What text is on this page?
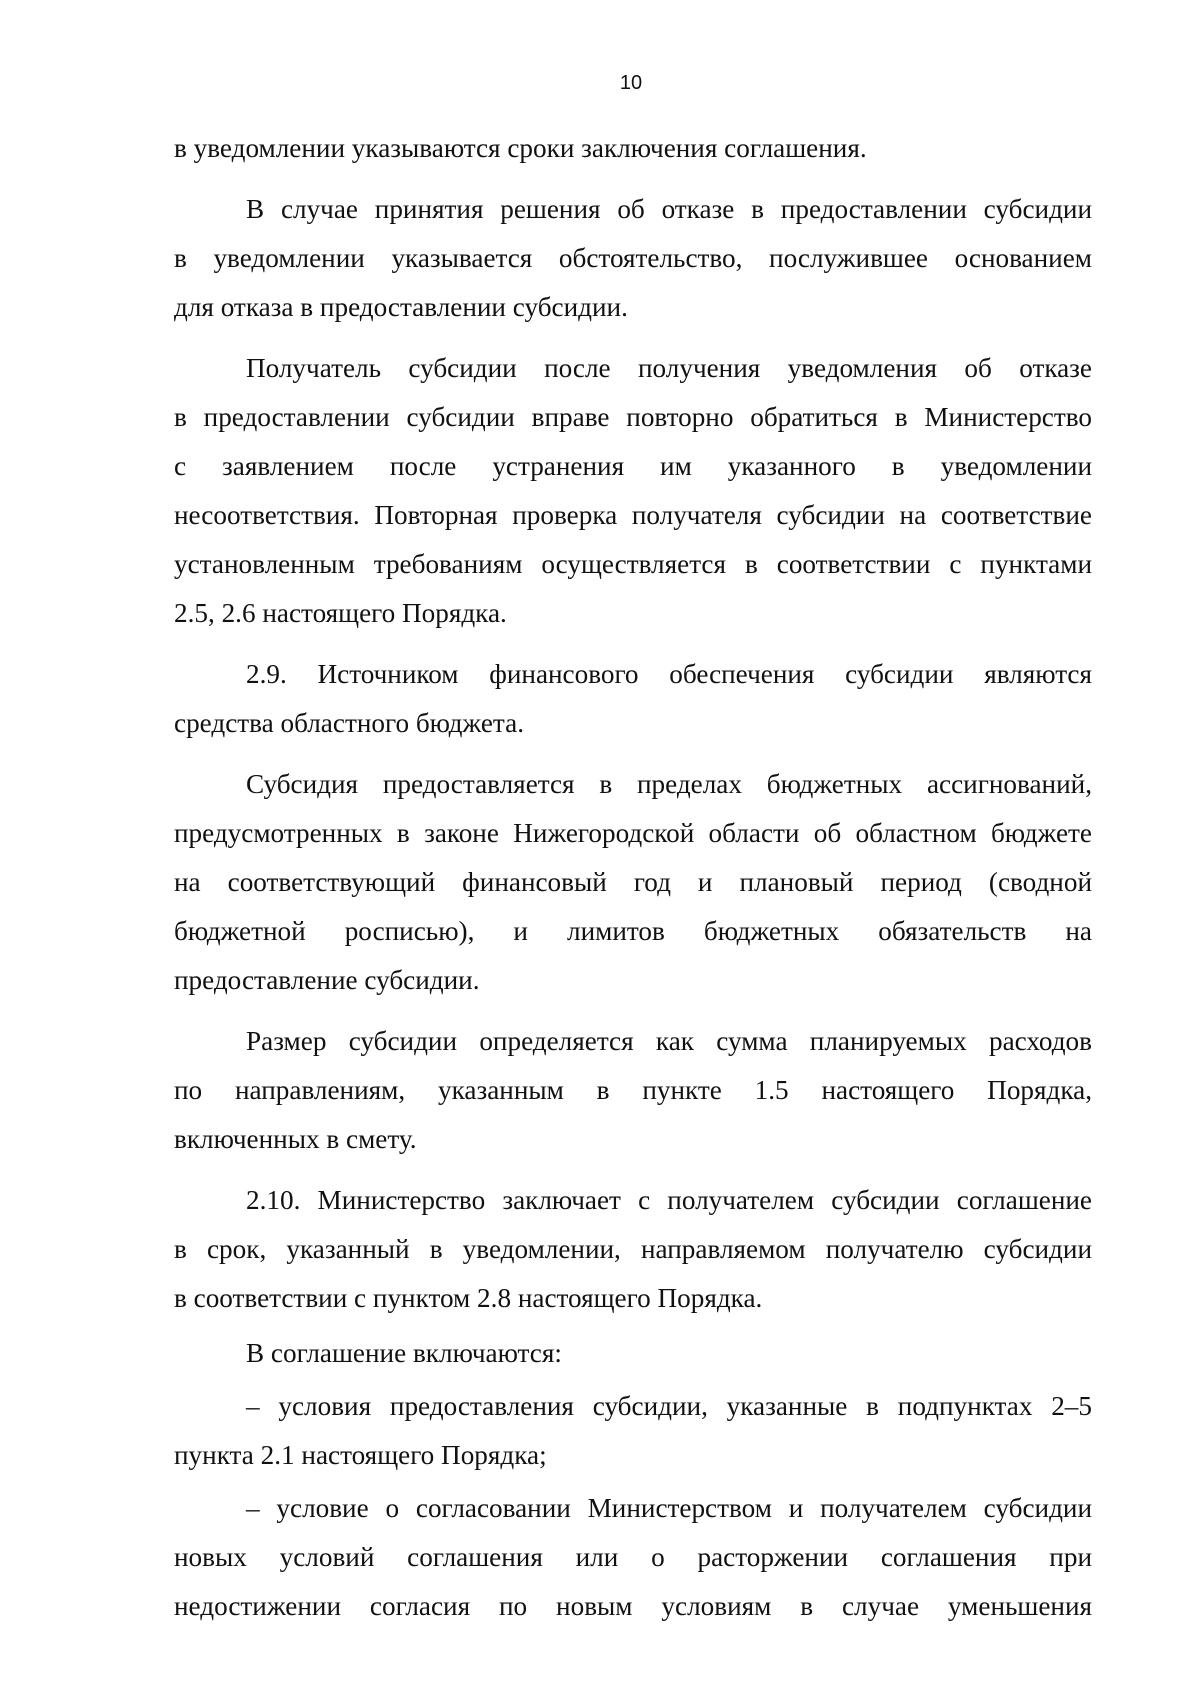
10
в уведомлении указываются сроки заключения соглашения.
В случае принятия решения об отказе в предоставлении субсидии
в уведомлении указывается обстоятельство, послужившее основанием
для отказа в предоставлении субсидии.
Получатель субсидии после получения уведомления об отказе
в предоставлении субсидии вправе повторно обратиться в Министерство
с заявлением после устранения им указанного в уведомлении
несоответствия. Повторная проверка получателя субсидии на соответствие
установленным требованиям осуществляется в соответствии с пунктами
2.5, 2.6 настоящего Порядка.
2.9. Источником финансового обеспечения субсидии являются
средства областного бюджета.
Субсидия предоставляется в пределах бюджетных ассигнований,
предусмотренных в законе Нижегородской области об областном бюджете
на соответствующий финансовый год и плановый период (сводной
бюджетной росписью), и лимитов бюджетных обязательств на
предоставление субсидии.
Размер субсидии определяется как сумма планируемых расходов
по направлениям, указанным в пункте 1.5 настоящего Порядка,
включенных в смету.
2.10. Министерство заключает с получателем субсидии соглашение
в срок, указанный в уведомлении, направляемом получателю субсидии
в соответствии с пунктом 2.8 настоящего Порядка.
В соглашение включаются:
– условия предоставления субсидии, указанные в подпунктах 2–5
пункта 2.1 настоящего Порядка;
– условие о согласовании Министерством и получателем субсидии
новых условий соглашения или о расторжении соглашения при
недостижении согласия по новым условиям в случае уменьшения
